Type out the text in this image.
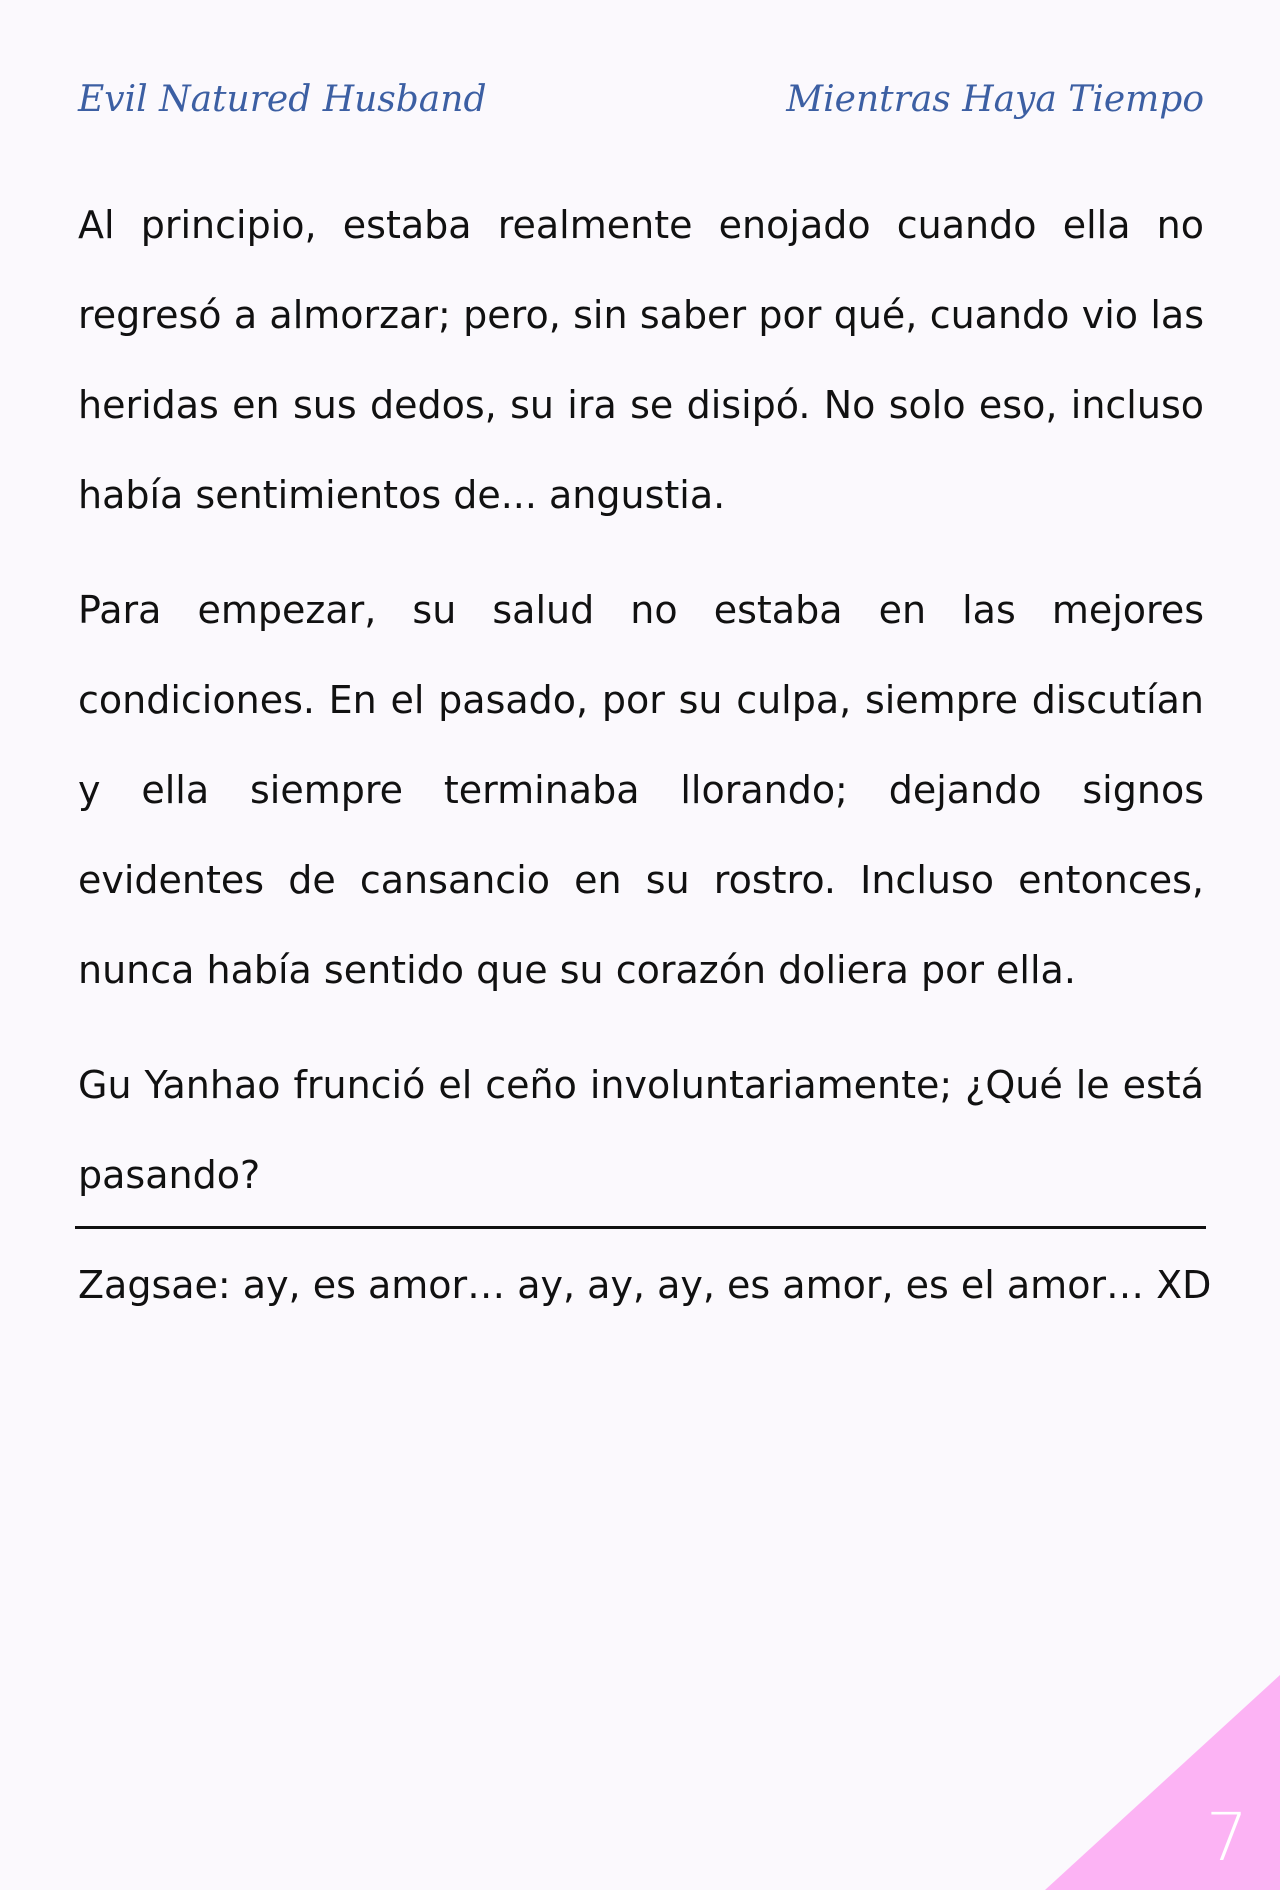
Evil Natured Husband	Mientras Haya Tiempo

Al principio, estaba realmente enojado cuando ella no regresó a almorzar; pero, sin saber por qué, cuando vio las heridas en sus dedos, su ira se disipó. No solo eso, incluso había sentimientos de... angustia.

Para empezar, su salud no estaba en las mejores condiciones. En el pasado, por su culpa, siempre discutían y ella siempre terminaba llorando; dejando signos evidentes de cansancio en su rostro. Incluso entonces, nunca había sentido que su corazón doliera por ella.

Gu Yanhao frunció el ceño involuntariamente; ¿Qué le está pasando?

Zagsae: ay, es amor… ay, ay, ay, es amor, es el amor… XD
7
